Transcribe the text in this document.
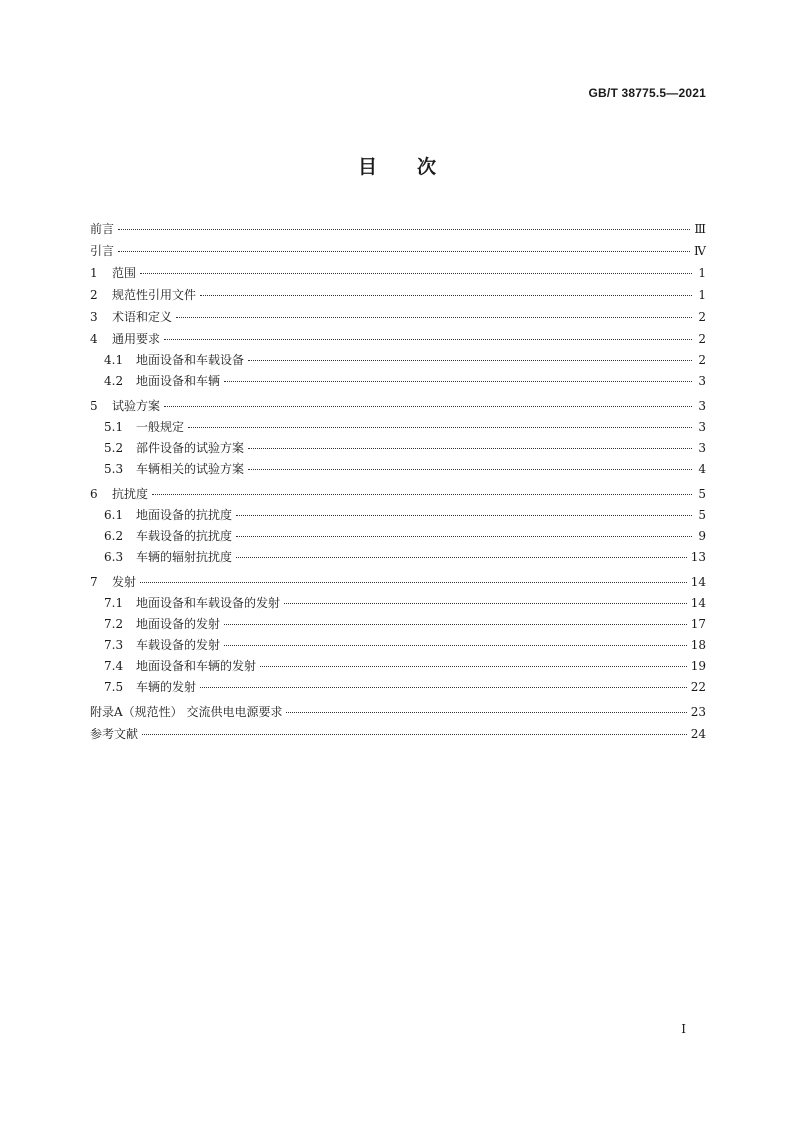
GB/T 38775.5—2021
目次
前言	Ⅲ
引言	Ⅳ
1	范围	1
2	规范性引用文件	1
3	术语和定义	2
4	通用要求	2
4.1	地面设备和车载设备	2
4.2	地面设备和车辆	3
5	试验方案	3
5.1	一般规定	3
5.2	部件设备的试验方案	3
5.3	车辆相关的试验方案	4
6	抗扰度	5
6.1	地面设备的抗扰度	5
6.2	车载设备的抗扰度	9
6.3	车辆的辐射抗扰度	13
7	发射	14
7.1	地面设备和车载设备的发射	14
7.2	地面设备的发射	17
7.3	车载设备的发射	18
7.4	地面设备和车辆的发射	19
7.5	车辆的发射	22
附录A（规范性） 交流供电电源要求	23
参考文献	24
Ⅰ
